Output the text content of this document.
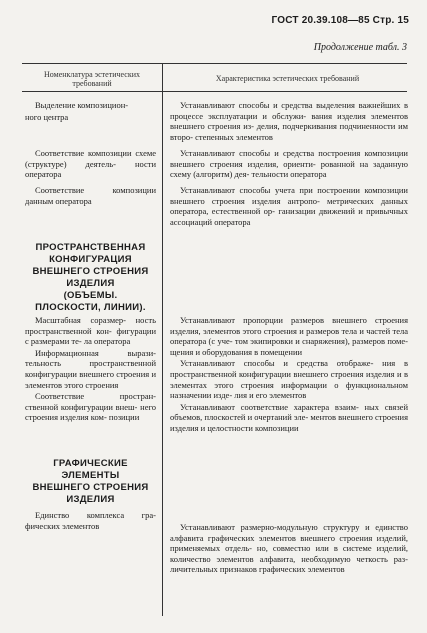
ГОСТ 20.39.108—85 Стр. 15
Продолжение табл. 3
Номенклатура эстетических
требований
Характеристика эстетических требований

Выделение композицион-

ного центра

Устанавливают способы и средства выделения важнейших в процессе эксплуатации и обслужи- вания изделия элементов внешнего строения из- делия, подчеркивания подчиненности им второ- степенных элементов

Соответствие композиции схеме (структуре) деятель- ности оператора

Устанавливают способы и средства построения композиции внешнего строения изделия, ориенти- рованной на заданную схему (алгоритм) дея- тельности оператора

Соответствие композиции данным оператора

Устанавливают способы учета при построении композиции внешнего строения изделия антропо- метрических данных оператора, естественной ор- ганизации движений и привычных ассоциаций оператора

ПРОСТРАНСТВЕННАЯ
КОНФИГУРАЦИЯ
ВНЕШНЕГО СТРОЕНИЯ
ИЗДЕЛИЯ
(ОБЪЕМЫ.
ПЛОСКОСТИ, ЛИНИИ).

Масштабная соразмер- ность пространственной кон- фигурации с размерами те- ла оператора

Информационная вырази- тельность пространственной конфигурации внешнего строения и элементов этого строения

Соответствие простран- ственной конфигурации внеш- него строения изделия ком- позиции

Устанавливают пропорции размеров внешнего строения изделия, элементов этого строения и размеров тела и частей тела оператора (с уче- том экипировки и снаряжения), размеров поме- щения и оборудования в помещении

Устанавливают способы и средства отображе- ния в пространственной конфигурации внешнего строения изделия и в элементах этого строения информации о функциональном назначении изде- лия и его элементов

Устанавливают соответствие характера взаим- ных связей объемов, плоскостей и очертаний эле- ментов внешнего строения изделия и целостности композиции

ГРАФИЧЕСКИЕ
ЭЛЕМЕНТЫ
ВНЕШНЕГО СТРОЕНИЯ
ИЗДЕЛИЯ

Единство комплекса гра- фических элементов	Устанавливают размерно-модульную структуру и единство алфавита графических элементов внешнего строения изделий, применяемых отдель- но, совместно или в системе изделий, количество элементов алфавита, необходимую четкость раз- личительных признаков графических элементов
